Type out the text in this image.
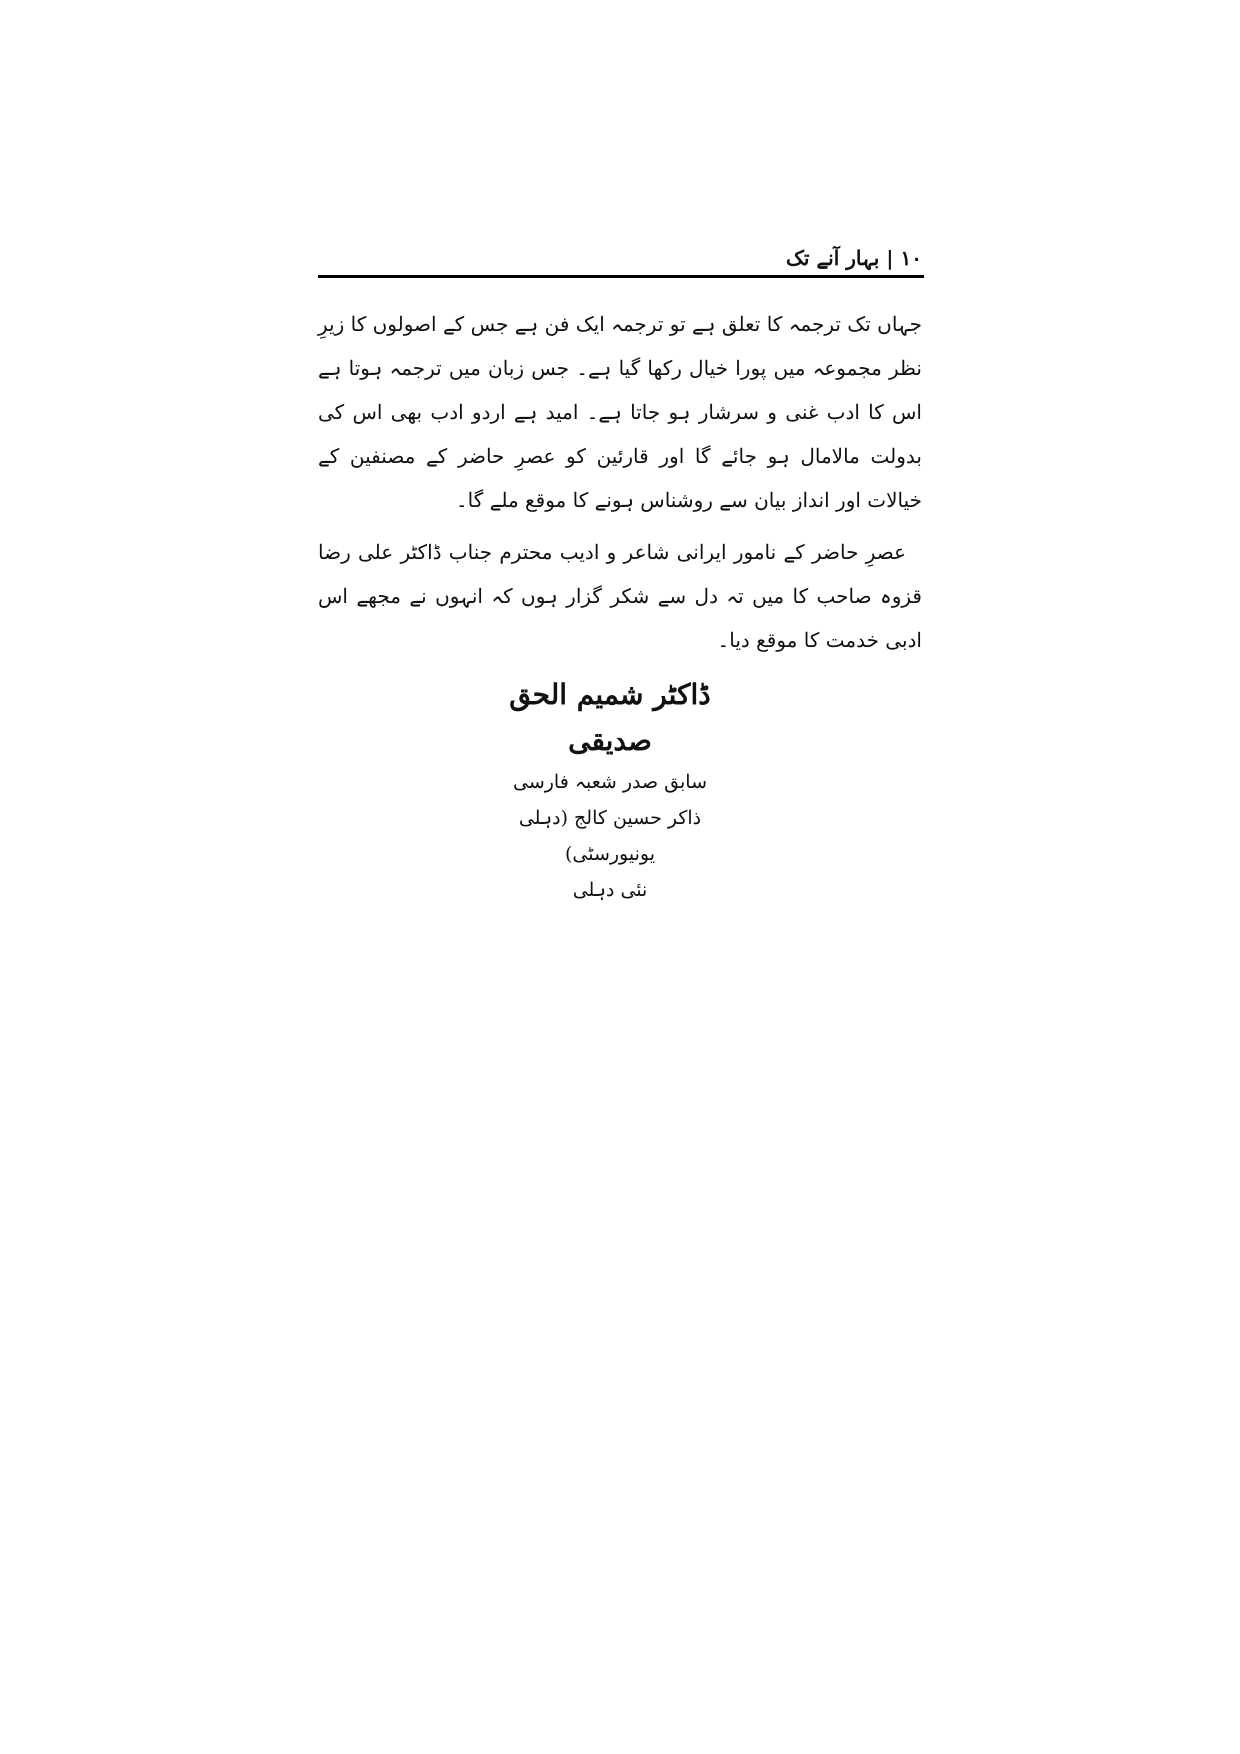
۱۰ | بہار آنے تک

جہاں تک ترجمہ کا تعلق ہے تو ترجمہ ایک فن ہے جس کے اصولوں کا زیرِ نظر مجموعہ میں پورا خیال رکھا گیا ہے۔ جس زبان میں ترجمہ ہوتا ہے اس کا ادب غنی و سرشار ہو جاتا ہے۔ امید ہے اردو ادب بھی اس کی بدولت مالامال ہو جائے گا اور قارئین کو عصرِ حاضر کے مصنفین کے خیالات اور انداز بیان سے روشناس ہونے کا موقع ملے گا۔

عصرِ حاضر کے نامور ایرانی شاعر و ادیب محترم جناب ڈاکٹر علی رضا قزوہ صاحب کا میں تہ دل سے شکر گزار ہوں کہ انہوں نے مجھے اس ادبی خدمت کا موقع دیا۔

ڈاکٹر شمیم الحق صدیقی
سابق صدر شعبہ فارسی
ذاکر حسین کالج (دہلی یونیورسٹی)
نئی دہلی
